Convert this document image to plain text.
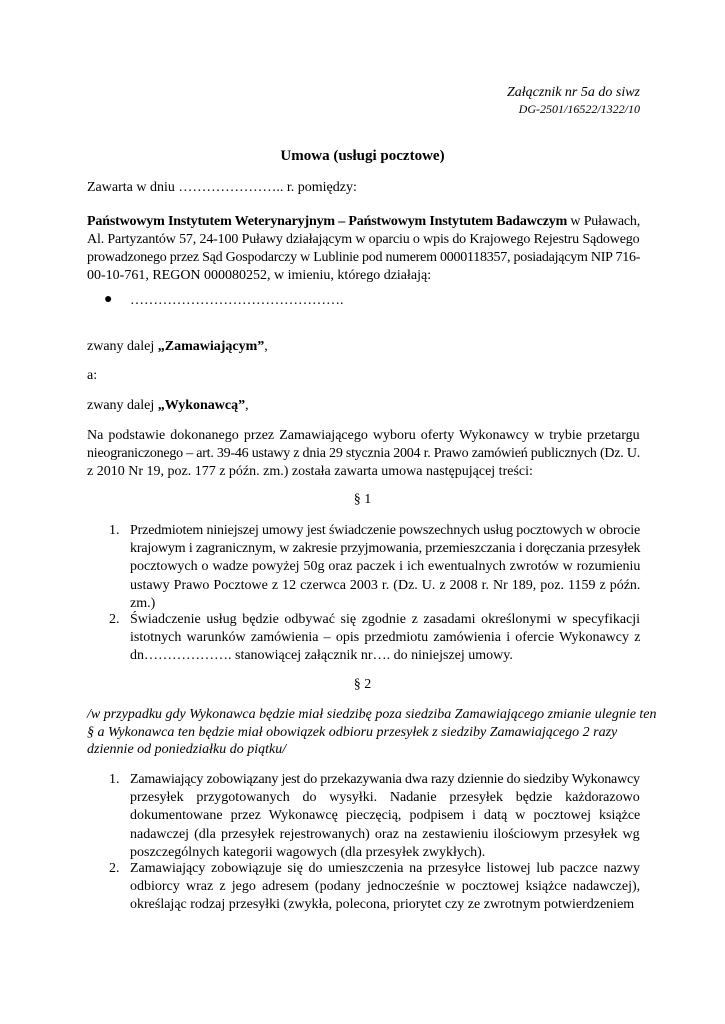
Załącznik nr 5a do siwz
DG-2501/16522/1322/10
Umowa (usługi pocztowe)
Zawarta w dniu ………………….. r. pomiędzy:
Państwowym Instytutem Weterynaryjnym – Państwowym Instytutem Badawczym w Puławach, Al. Partyzantów 57, 24-100 Puławy działającym w oparciu o wpis do Krajowego Rejestru Sądowego prowadzonego przez Sąd Gospodarczy w Lublinie pod numerem 0000118357, posiadającym NIP 716-
00-10-761, REGON 000080252, w imieniu, którego działają:
● ……………………………………….
zwany dalej „Zamawiającym”,
a:
zwany dalej „Wykonawcą”,
Na podstawie dokonanego przez Zamawiającego wyboru oferty Wykonawcy w trybie przetargu nieograniczonego – art. 39-46 ustawy z dnia 29 stycznia 2004 r. Prawo zamówień publicznych (Dz. U.
z 2010 Nr 19, poz. 177 z późn. zm.) została zawarta umowa następującej treści:
§ 1
1. Przedmiotem niniejszej umowy jest świadczenie powszechnych usług pocztowych w obrocie
krajowym i zagranicznym, w zakresie przyjmowania, przemieszczania i doręczania przesyłek
pocztowych o wadze powyżej 50g oraz paczek i ich ewentualnych zwrotów w rozumieniu
ustawy Prawo Pocztowe z 12 czerwca 2003 r. (Dz. U. z 2008 r. Nr 189, poz. 1159 z późn.
zm.)
2. Świadczenie usług będzie odbywać się zgodnie z zasadami określonymi w specyfikacji
istotnych warunków zamówienia – opis przedmiotu zamówienia i ofercie Wykonawcy z
dn………………. stanowiącej załącznik nr…. do niniejszej umowy.
§ 2
/w przypadku gdy Wykonawca będzie miał siedzibę poza siedziba Zamawiającego zmianie ulegnie ten
§ a Wykonawca ten będzie miał obowiązek odbioru przesyłek z siedziby Zamawiającego 2 razy
dziennie od poniedziałku do piątku/
1. Zamawiający zobowiązany jest do przekazywania dwa razy dziennie do siedziby Wykonawcy
przesyłek przygotowanych do wysyłki. Nadanie przesyłek będzie każdorazowo
dokumentowane przez Wykonawcę pieczęcią, podpisem i datą w pocztowej książce
nadawczej (dla przesyłek rejestrowanych) oraz na zestawieniu ilościowym przesyłek wg
poszczególnych kategorii wagowych (dla przesyłek zwykłych).
2. Zamawiający zobowiązuje się do umieszczenia na przesyłce listowej lub paczce nazwy
odbiorcy wraz z jego adresem (podany jednocześnie w pocztowej książce nadawczej),
określając rodzaj przesyłki (zwykła, polecona, priorytet czy ze zwrotnym potwierdzeniem
